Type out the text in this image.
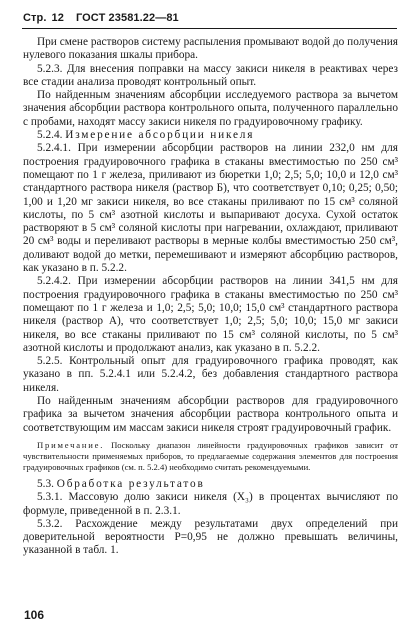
Стр. 12 ГОСТ 23581.22—81

При смене растворов систему распыления промывают водой до получения нулевого показания шкалы прибора.

5.2.3. Для внесения поправки на массу закиси никеля в реактивах через все стадии анализа проводят контрольный опыт.

По найденным значениям абсорбции исследуемого раствора за вычетом значения абсорбции раствора контрольного опыта, полученного параллельно с пробами, находят массу закиси никеля по градуировочному графику.

5.2.4. Измерение абсорбции никеля

5.2.4.1. При измерении абсорбции растворов на линии 232,0 нм для построения градуировочного графика в стаканы вместимостью по 250 см³ помещают по 1 г железа, приливают из бюретки 1,0; 2,5; 5,0; 10,0 и 12,0 см³ стандартного раствора никеля (раствор Б), что соответствует 0,10; 0,25; 0,50; 1,00 и 1,20 мг закиси никеля, во все стаканы приливают по 15 см³ соляной кислоты, по 5 см³ азотной кислоты и выпаривают досуха. Сухой остаток растворяют в 5 см³ соляной кислоты при нагревании, охлаждают, приливают 20 см³ воды и переливают растворы в мерные колбы вместимостью 250 см³, доливают водой до метки, перемешивают и измеряют абсорбцию растворов, как указано в п. 5.2.2.

5.2.4.2. При измерении абсорбции растворов на линии 341,5 нм для построения градуировочного графика в стаканы вместимостью по 250 см³ помещают по 1 г железа и 1,0; 2,5; 5,0; 10,0; 15,0 см³ стандартного раствора никеля (раствор А), что соответствует 1,0; 2,5; 5,0; 10,0; 15,0 мг закиси никеля, во все стаканы приливают по 15 см³ соляной кислоты, по 5 см³ азотной кислоты и продолжают анализ, как указано в п. 5.2.2.

5.2.5. Контрольный опыт для градуировочного графика проводят, как указано в пп. 5.2.4.1 или 5.2.4.2, без добавления стандартного раствора никеля.

По найденным значениям абсорбции растворов для градуировочного графика за вычетом значения абсорбции раствора контрольного опыта и соответствующим им массам закиси никеля строят градуировочный график.

Примечание. Поскольку диапазон линейности градуировочных графиков зависит от чувствительности применяемых приборов, то предлагаемые содержания элементов для построения градуировочных графиков (см. п. 5.2.4) необходимо считать рекомендуемыми.

5.3. Обработка результатов

5.3.1. Массовую долю закиси никеля (X₃) в процентах вычисляют по формуле, приведенной в п. 2.3.1.

5.3.2. Расхождение между результатами двух определений при доверительной вероятности P=0,95 не должно превышать величины, указанной в табл. 1.

106
